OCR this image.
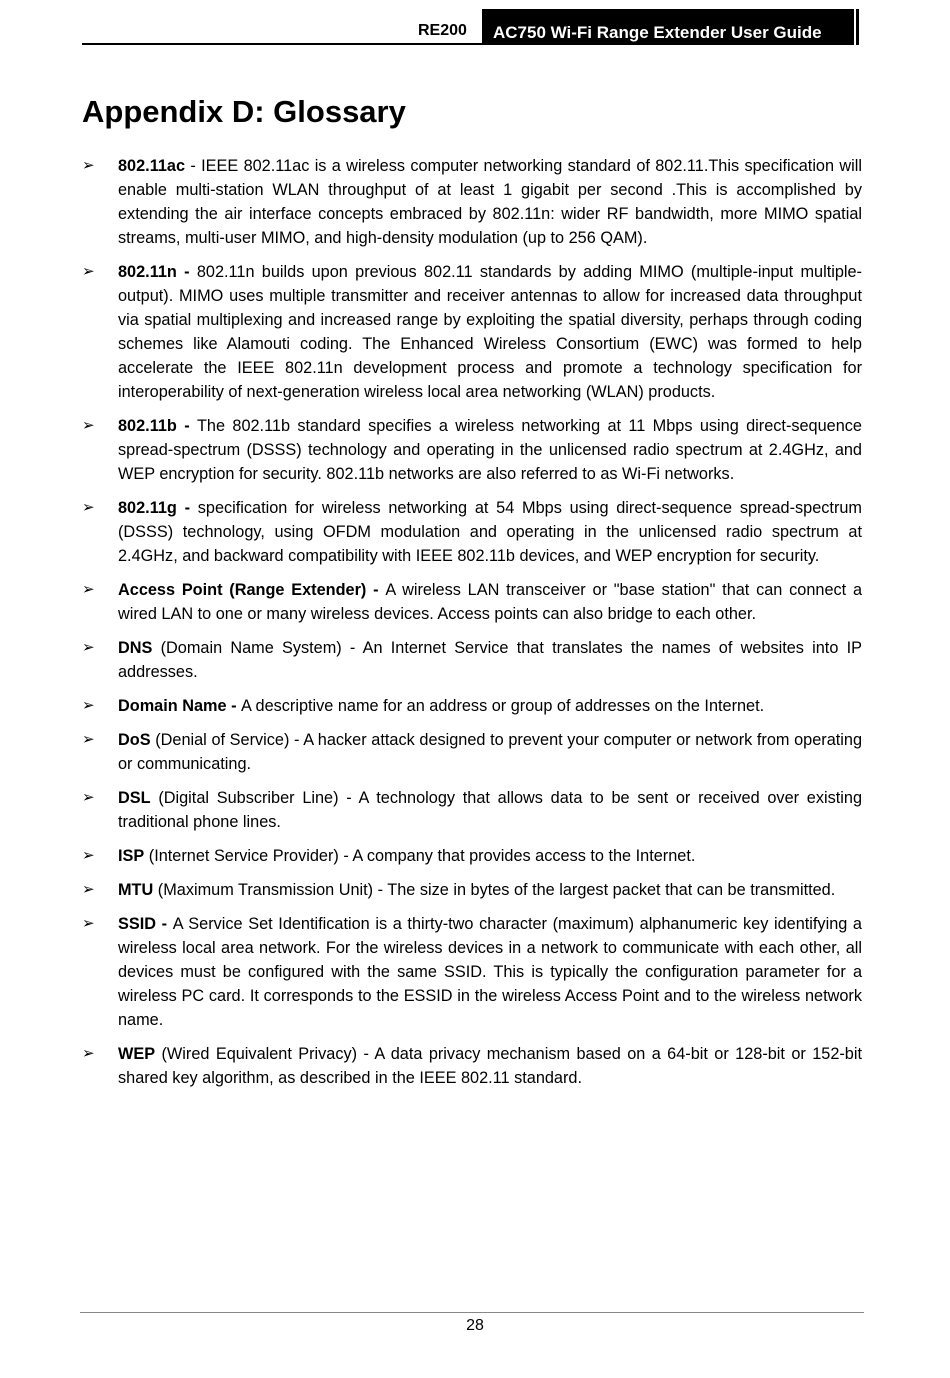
RE200	AC750 Wi-Fi Range Extender User Guide
Appendix D: Glossary
➢ 802.11ac - IEEE 802.11ac is a wireless computer networking standard of 802.11.This specification will enable multi-station WLAN throughput of at least 1 gigabit per second .This is accomplished by extending the air interface concepts embraced by 802.11n: wider RF bandwidth, more MIMO spatial streams, multi-user MIMO, and high-density modulation (up to 256 QAM).
➢ 802.11n - 802.11n builds upon previous 802.11 standards by adding MIMO (multiple-input multiple-output). MIMO uses multiple transmitter and receiver antennas to allow for increased data throughput via spatial multiplexing and increased range by exploiting the spatial diversity, perhaps through coding schemes like Alamouti coding. The Enhanced Wireless Consortium (EWC) was formed to help accelerate the IEEE 802.11n development process and promote a technology specification for interoperability of next-generation wireless local area networking (WLAN) products.
➢ 802.11b - The 802.11b standard specifies a wireless networking at 11 Mbps using direct-sequence spread-spectrum (DSSS) technology and operating in the unlicensed radio spectrum at 2.4GHz, and WEP encryption for security. 802.11b networks are also referred to as Wi-Fi networks.
➢ 802.11g - specification for wireless networking at 54 Mbps using direct-sequence spread-spectrum (DSSS) technology, using OFDM modulation and operating in the unlicensed radio spectrum at 2.4GHz, and backward compatibility with IEEE 802.11b devices, and WEP encryption for security.
➢ Access Point (Range Extender) - A wireless LAN transceiver or "base station" that can connect a wired LAN to one or many wireless devices. Access points can also bridge to each other.
➢ DNS (Domain Name System) - An Internet Service that translates the names of websites into IP addresses.
➢ Domain Name - A descriptive name for an address or group of addresses on the Internet.
➢ DoS (Denial of Service) - A hacker attack designed to prevent your computer or network from operating or communicating.
➢ DSL (Digital Subscriber Line) - A technology that allows data to be sent or received over existing traditional phone lines.
➢ ISP (Internet Service Provider) - A company that provides access to the Internet.
➢ MTU (Maximum Transmission Unit) - The size in bytes of the largest packet that can be transmitted.
➢ SSID - A Service Set Identification is a thirty-two character (maximum) alphanumeric key identifying a wireless local area network. For the wireless devices in a network to communicate with each other, all devices must be configured with the same SSID. This is typically the configuration parameter for a wireless PC card. It corresponds to the ESSID in the wireless Access Point and to the wireless network name.
➢ WEP (Wired Equivalent Privacy) - A data privacy mechanism based on a 64-bit or 128-bit or 152-bit shared key algorithm, as described in the IEEE 802.11 standard.
28
